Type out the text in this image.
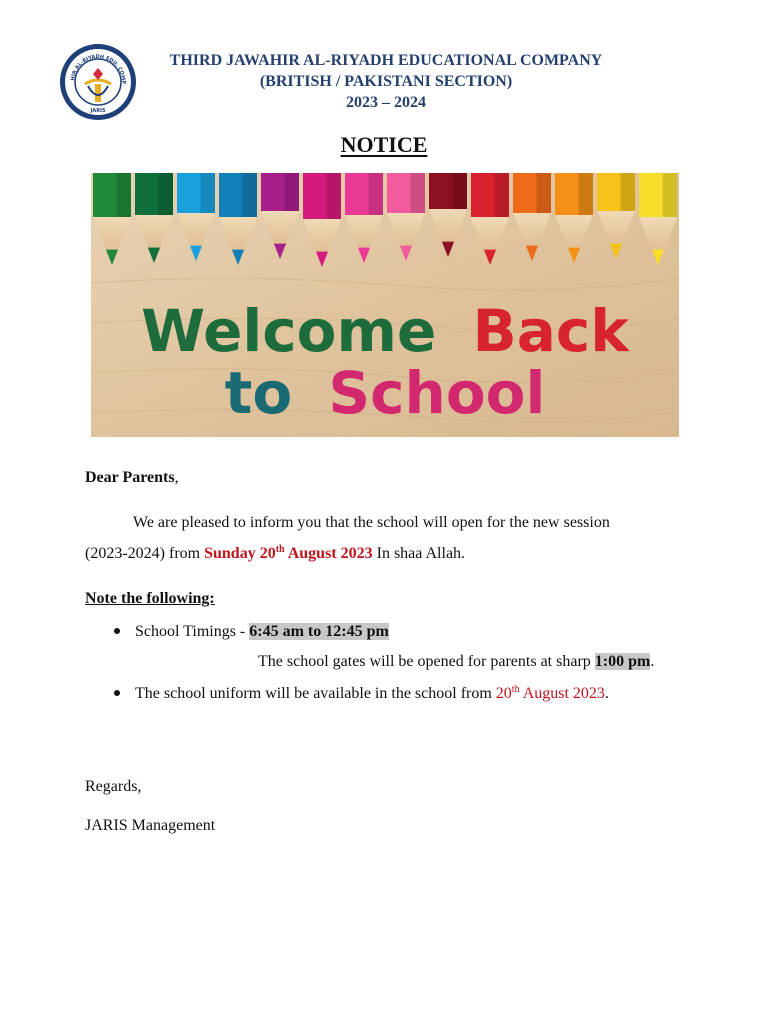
HIR AL-RIYADH EDU. COMP
JARIS
THIRD JAWAHIR AL-RIYADH EDUCATIONAL COMPANY
(BRITISH / PAKISTANI SECTION)
2023 – 2024
NOTICE
Welcome Back
to School
Dear Parents,
We are pleased to inform you that the school will open for the new session
(2023-2024) from Sunday 20th August 2023 In shaa Allah.
Note the following:
School Timings - 6:45 am to 12:45 pm
The school gates will be opened for parents at sharp 1:00 pm.
The school uniform will be available in the school from 20th August 2023.
Regards,
JARIS Management
